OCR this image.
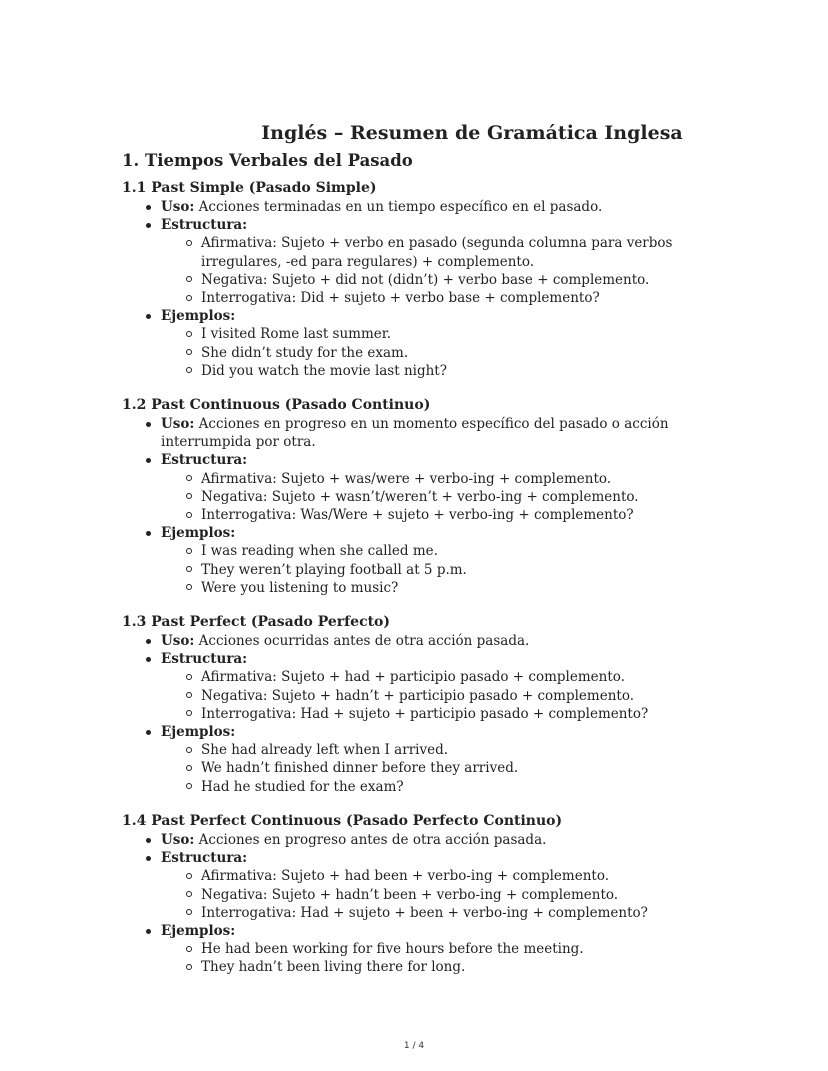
Inglés – Resumen de Gramática Inglesa
1. Tiempos Verbales del Pasado
1.1 Past Simple (Pasado Simple)
Uso: Acciones terminadas en un tiempo específico en el pasado.
Estructura:
Afirmativa: Sujeto + verbo en pasado (segunda columna para verbos irregulares, -ed para regulares) + complemento.
Negativa: Sujeto + did not (didn’t) + verbo base + complemento.
Interrogativa: Did + sujeto + verbo base + complemento?
Ejemplos:
I visited Rome last summer.
She didn’t study for the exam.
Did you watch the movie last night?
1.2 Past Continuous (Pasado Continuo)
Uso: Acciones en progreso en un momento específico del pasado o acción interrumpida por otra.
Estructura:
Afirmativa: Sujeto + was/were + verbo-ing + complemento.
Negativa: Sujeto + wasn’t/weren’t + verbo-ing + complemento.
Interrogativa: Was/Were + sujeto + verbo-ing + complemento?
Ejemplos:
I was reading when she called me.
They weren’t playing football at 5 p.m.
Were you listening to music?
1.3 Past Perfect (Pasado Perfecto)
Uso: Acciones ocurridas antes de otra acción pasada.
Estructura:
Afirmativa: Sujeto + had + participio pasado + complemento.
Negativa: Sujeto + hadn’t + participio pasado + complemento.
Interrogativa: Had + sujeto + participio pasado + complemento?
Ejemplos:
She had already left when I arrived.
We hadn’t finished dinner before they arrived.
Had he studied for the exam?
1.4 Past Perfect Continuous (Pasado Perfecto Continuo)
Uso: Acciones en progreso antes de otra acción pasada.
Estructura:
Afirmativa: Sujeto + had been + verbo-ing + complemento.
Negativa: Sujeto + hadn’t been + verbo-ing + complemento.
Interrogativa: Had + sujeto + been + verbo-ing + complemento?
Ejemplos:
He had been working for five hours before the meeting.
They hadn’t been living there for long.
1 / 4
